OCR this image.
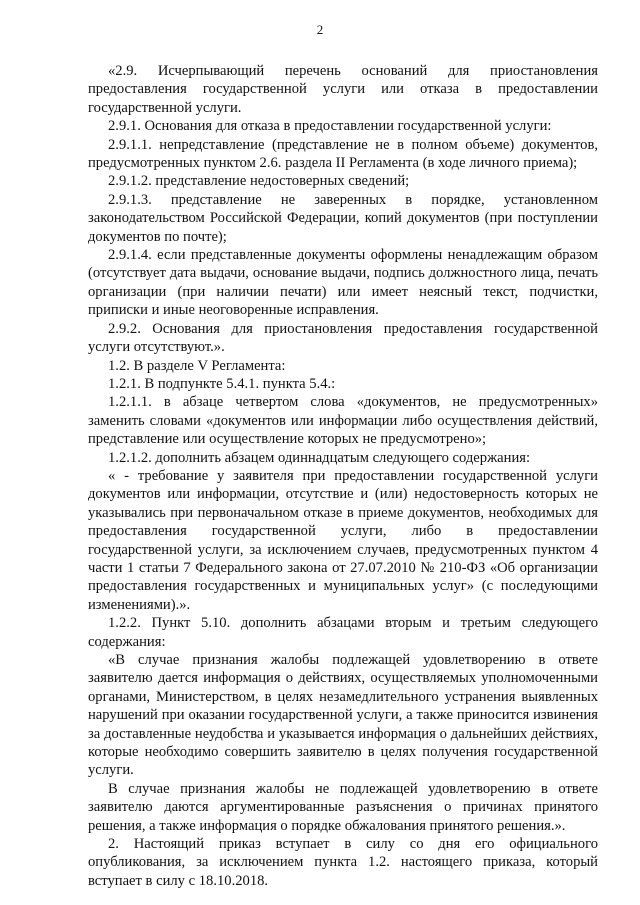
2

«2.9. Исчерпывающий перечень оснований для приостановления предоставления государственной услуги или отказа в предоставлении государственной услуги.

2.9.1. Основания для отказа в предоставлении государственной услуги:

2.9.1.1. непредставление (представление не в полном объеме) документов, предусмотренных пунктом 2.6. раздела II Регламента (в ходе личного приема);

2.9.1.2. представление недостоверных сведений;

2.9.1.3. представление не заверенных в порядке, установленном законодательством Российской Федерации, копий документов (при поступлении документов по почте);

2.9.1.4. если представленные документы оформлены ненадлежащим образом (отсутствует дата выдачи, основание выдачи, подпись должностного лица, печать организации (при наличии печати) или имеет неясный текст, подчистки, приписки и иные неоговоренные исправления.

2.9.2. Основания для приостановления предоставления государственной услуги отсутствуют.».

1.2. В разделе V Регламента:

1.2.1. В подпункте 5.4.1. пункта 5.4.:

1.2.1.1. в абзаце четвертом слова «документов, не предусмотренных» заменить словами «документов или информации либо осуществления действий, представление или осуществление которых не предусмотрено»;

1.2.1.2. дополнить абзацем одиннадцатым следующего содержания:

« - требование у заявителя при предоставлении государственной услуги документов или информации, отсутствие и (или) недостоверность которых не указывались при первоначальном отказе в приеме документов, необходимых для предоставления государственной услуги, либо в предоставлении государственной услуги, за исключением случаев, предусмотренных пунктом 4 части 1 статьи 7 Федерального закона от 27.07.2010 № 210-ФЗ «Об организации предоставления государственных и муниципальных услуг» (с последующими изменениями).».

1.2.2. Пункт 5.10. дополнить абзацами вторым и третьим следующего содержания:

«В случае признания жалобы подлежащей удовлетворению в ответе заявителю дается информация о действиях, осуществляемых уполномоченными органами, Министерством, в целях незамедлительного устранения выявленных нарушений при оказании государственной услуги, а также приносится извинения за доставленные неудобства и указывается информация о дальнейших действиях, которые необходимо совершить заявителю в целях получения государственной услуги.

В случае признания жалобы не подлежащей удовлетворению в ответе заявителю даются аргументированные разъяснения о причинах принятого решения, а также информация о порядке обжалования принятого решения.».

2. Настоящий приказ вступает в силу со дня его официального опубликования, за исключением пункта 1.2. настоящего приказа, который вступает в силу с 18.10.2018.
